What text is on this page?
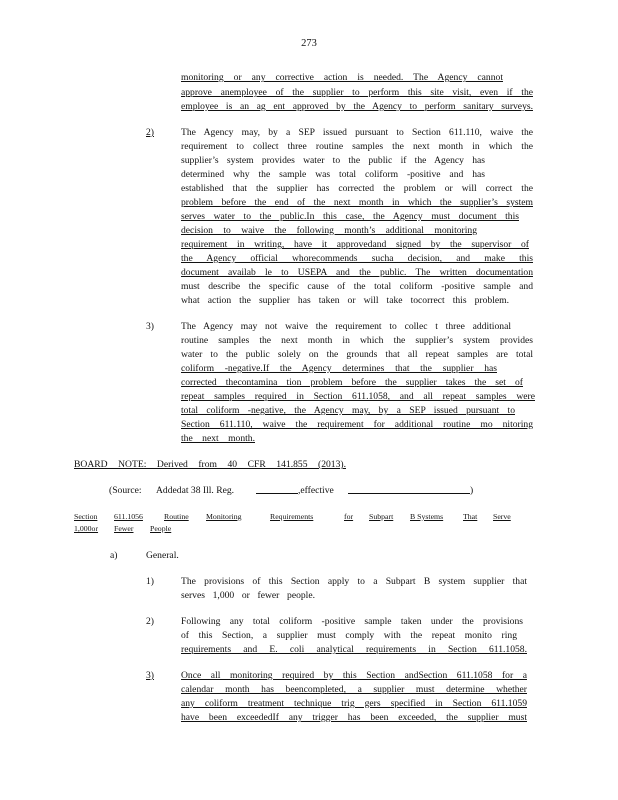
273
monitoring or any corrective action is needed. The Agency cannot
approve anemployee of the supplier to perform this site visit, even if the
employee is an ag ent approved by the Agency to perform sanitary surveys.
2)	The Agency may, by a SEP issued pursuant to Section 611.110, waive the
requirement to collect three routine samples the next month in which the
supplier’s system provides water to the public if the Agency has
determined why the sample was total coliform -positive and has
established that the supplier has corrected the problem or will correct the
problem before the end of the next month in which the supplier’s system
serves water to the public.In this case, the Agency must document this
decision to waive the following month’s additional monitoring
requirement in writing, have it approvedand signed by the supervisor of
the Agency official whorecommends sucha decision, and make this
document availab le to USEPA and the public. The written documentation
must describe the specific cause of the total coliform -positive sample and
what action the supplier has taken or will take tocorrect this problem.
3)	The Agency may not waive the requirement to collec t three additional
routine samples the next month in which the supplier’s system provides
water to the public solely on the grounds that all repeat samples are total
coliform -negative.If the Agency determines that the supplier has
corrected thecontamina tion problem before the supplier takes the set of
repeat samples required in Section 611.1058, and all repeat samples were
total coliform -negative, the Agency may, by a SEP issued pursuant to
Section 611.110, waive the requirement for additional routine mo nitoring
the next month.
BOARD NOTE: Derived from 40 CFR 141.855 (2013).
(Source: Addedat 38 Ill. Reg.	,effective	)
Section 611.1056	Routine Monitoring	Requirements	for Subpart B Systems	That Serve
1,000or Fewer People
a)	General.
1)	The provisions of this Section apply to a Subpart B system supplier that
serves 1,000 or fewer people.
2)	Following any total coliform -positive sample taken under the provisions
of this Section, a supplier must comply with the repeat monito ring
requirements and E. coli analytical requirements in Section 611.1058.
3)	Once all monitoring required by this Section andSection 611.1058 for a
calendar month has beencompleted, a supplier must determine whether
any coliform treatment technique trig gers specified in Section 611.1059
have been exceededIf any trigger has been exceeded, the supplier must
